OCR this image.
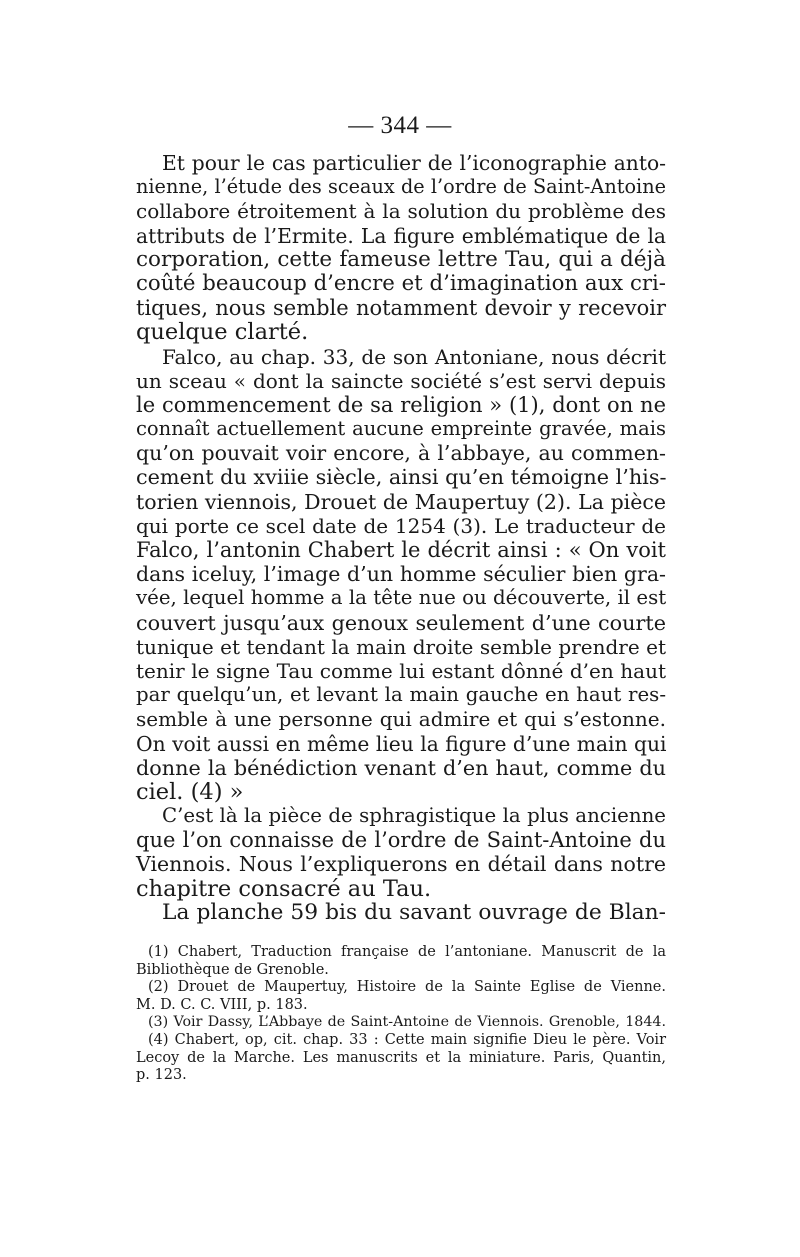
— 344 —
Et pour le cas particulier de l’iconographie anto-
nienne, l’étude des sceaux de l’ordre de Saint-Antoine
collabore étroitement à la solution du problème des
attributs de l’Ermite. La figure emblématique de la
corporation, cette fameuse lettre Tau, qui a déjà
coûté beaucoup d’encre et d’imagination aux cri-
tiques, nous semble notamment devoir y recevoir
quelque clarté.
Falco, au chap. 33, de son Antoniane, nous décrit
un sceau « dont la saincte société s’est servi depuis
le commencement de sa religion » (1), dont on ne
connaît actuellement aucune empreinte gravée, mais
qu’on pouvait voir encore, à l’abbaye, au commen-
cement du xviiie siècle, ainsi qu’en témoigne l’his-
torien viennois, Drouet de Maupertuy (2). La pièce
qui porte ce scel date de 1254 (3). Le traducteur de
Falco, l’antonin Chabert le décrit ainsi : « On voit
dans iceluy, l’image d’un homme séculier bien gra-
vée, lequel homme a la tête nue ou découverte, il est
couvert jusqu’aux genoux seulement d’une courte
tunique et tendant la main droite semble prendre et
tenir le signe Tau comme lui estant dônné d’en haut
par quelqu’un, et levant la main gauche en haut res-
semble à une personne qui admire et qui s’estonne.
On voit aussi en même lieu la figure d’une main qui
donne la bénédiction venant d’en haut, comme du
ciel. (4) »
C’est là la pièce de sphragistique la plus ancienne
que l’on connaisse de l’ordre de Saint-Antoine du
Viennois. Nous l’expliquerons en détail dans notre
chapitre consacré au Tau.
La planche 59 bis du savant ouvrage de Blan-
(1) Chabert, Traduction française de l’antoniane. Manuscrit de la
Bibliothèque de Grenoble.
(2) Drouet de Maupertuy, Histoire de la Sainte Eglise de Vienne.
M. D. C. C. VIII, p. 183.
(3) Voir Dassy, L’Abbaye de Saint-Antoine de Viennois. Grenoble, 1844.
(4) Chabert, op, cit. chap. 33 : Cette main signifie Dieu le père. Voir
Lecoy de la Marche. Les manuscrits et la miniature. Paris, Quantin,
p. 123.
